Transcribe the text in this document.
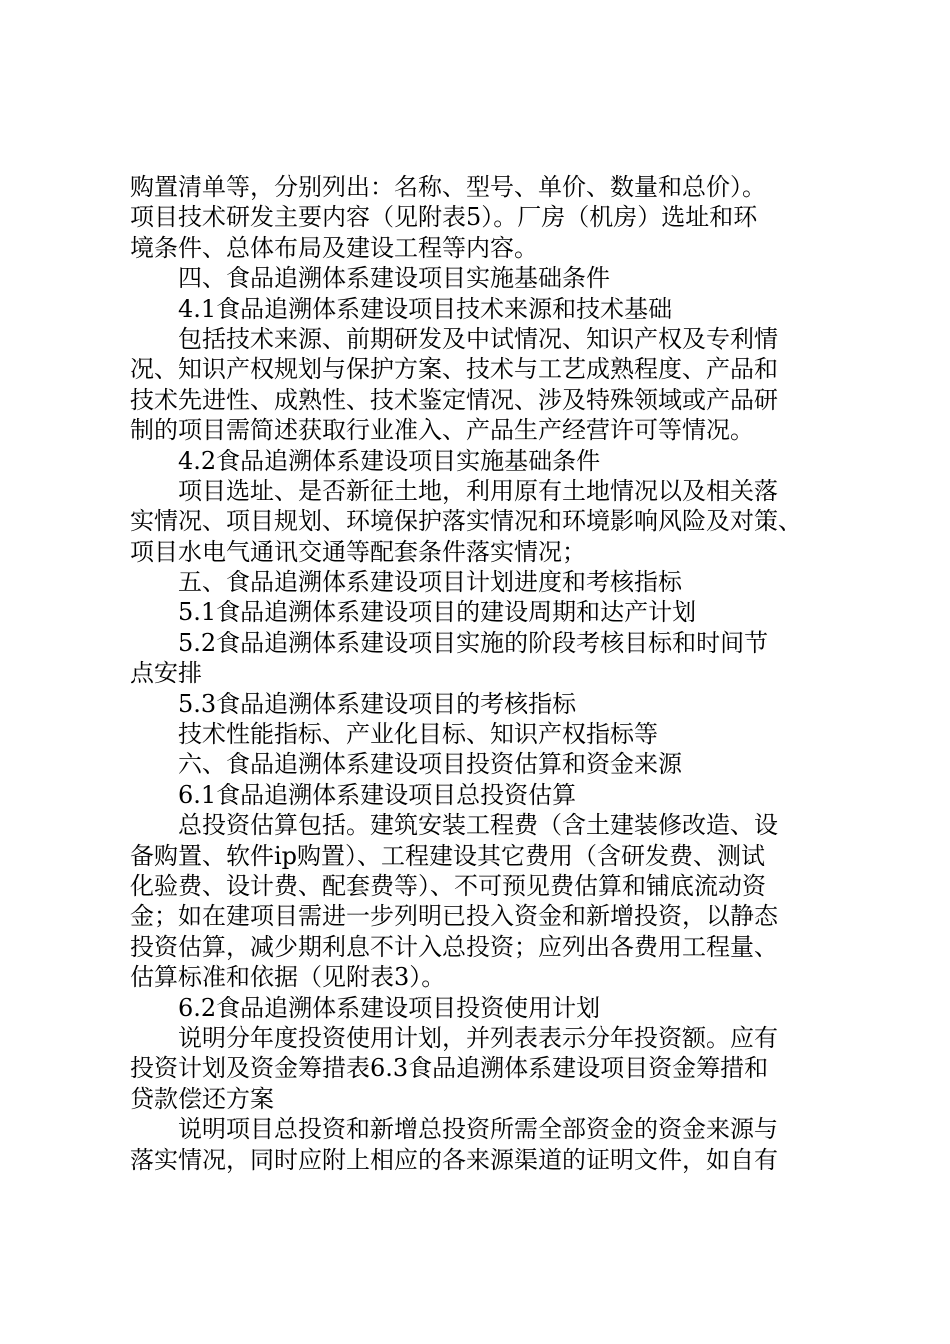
购置清单等，分别列出：名称、型号、单价、数量和总价）。
项目技术研发主要内容（见附表5）。厂房（机房）选址和环
境条件、总体布局及建设工程等内容。
四、食品追溯体系建设项目实施基础条件
4.1食品追溯体系建设项目技术来源和技术基础
包括技术来源、前期研发及中试情况、知识产权及专利情
况、知识产权规划与保护方案、技术与工艺成熟程度、产品和
技术先进性、成熟性、技术鉴定情况、涉及特殊领域或产品研
制的项目需简述获取行业准入、产品生产经营许可等情况。
4.2食品追溯体系建设项目实施基础条件
项目选址、是否新征土地，利用原有土地情况以及相关落
实情况、项目规划、环境保护落实情况和环境影响风险及对策、
项目水电气通讯交通等配套条件落实情况；
五、食品追溯体系建设项目计划进度和考核指标
5.1食品追溯体系建设项目的建设周期和达产计划
5.2食品追溯体系建设项目实施的阶段考核目标和时间节
点安排
5.3食品追溯体系建设项目的考核指标
技术性能指标、产业化目标、知识产权指标等
六、食品追溯体系建设项目投资估算和资金来源
6.1食品追溯体系建设项目总投资估算
总投资估算包括。建筑安装工程费（含土建装修改造、设
备购置、软件ip购置）、工程建设其它费用（含研发费、测试
化验费、设计费、配套费等）、不可预见费估算和铺底流动资
金；如在建项目需进一步列明已投入资金和新增投资，以静态
投资估算，减少期利息不计入总投资；应列出各费用工程量、
估算标准和依据（见附表3）。
6.2食品追溯体系建设项目投资使用计划
说明分年度投资使用计划，并列表表示分年投资额。应有
投资计划及资金筹措表6.3食品追溯体系建设项目资金筹措和
贷款偿还方案
说明项目总投资和新增总投资所需全部资金的资金来源与
落实情况，同时应附上相应的各来源渠道的证明文件，如自有
